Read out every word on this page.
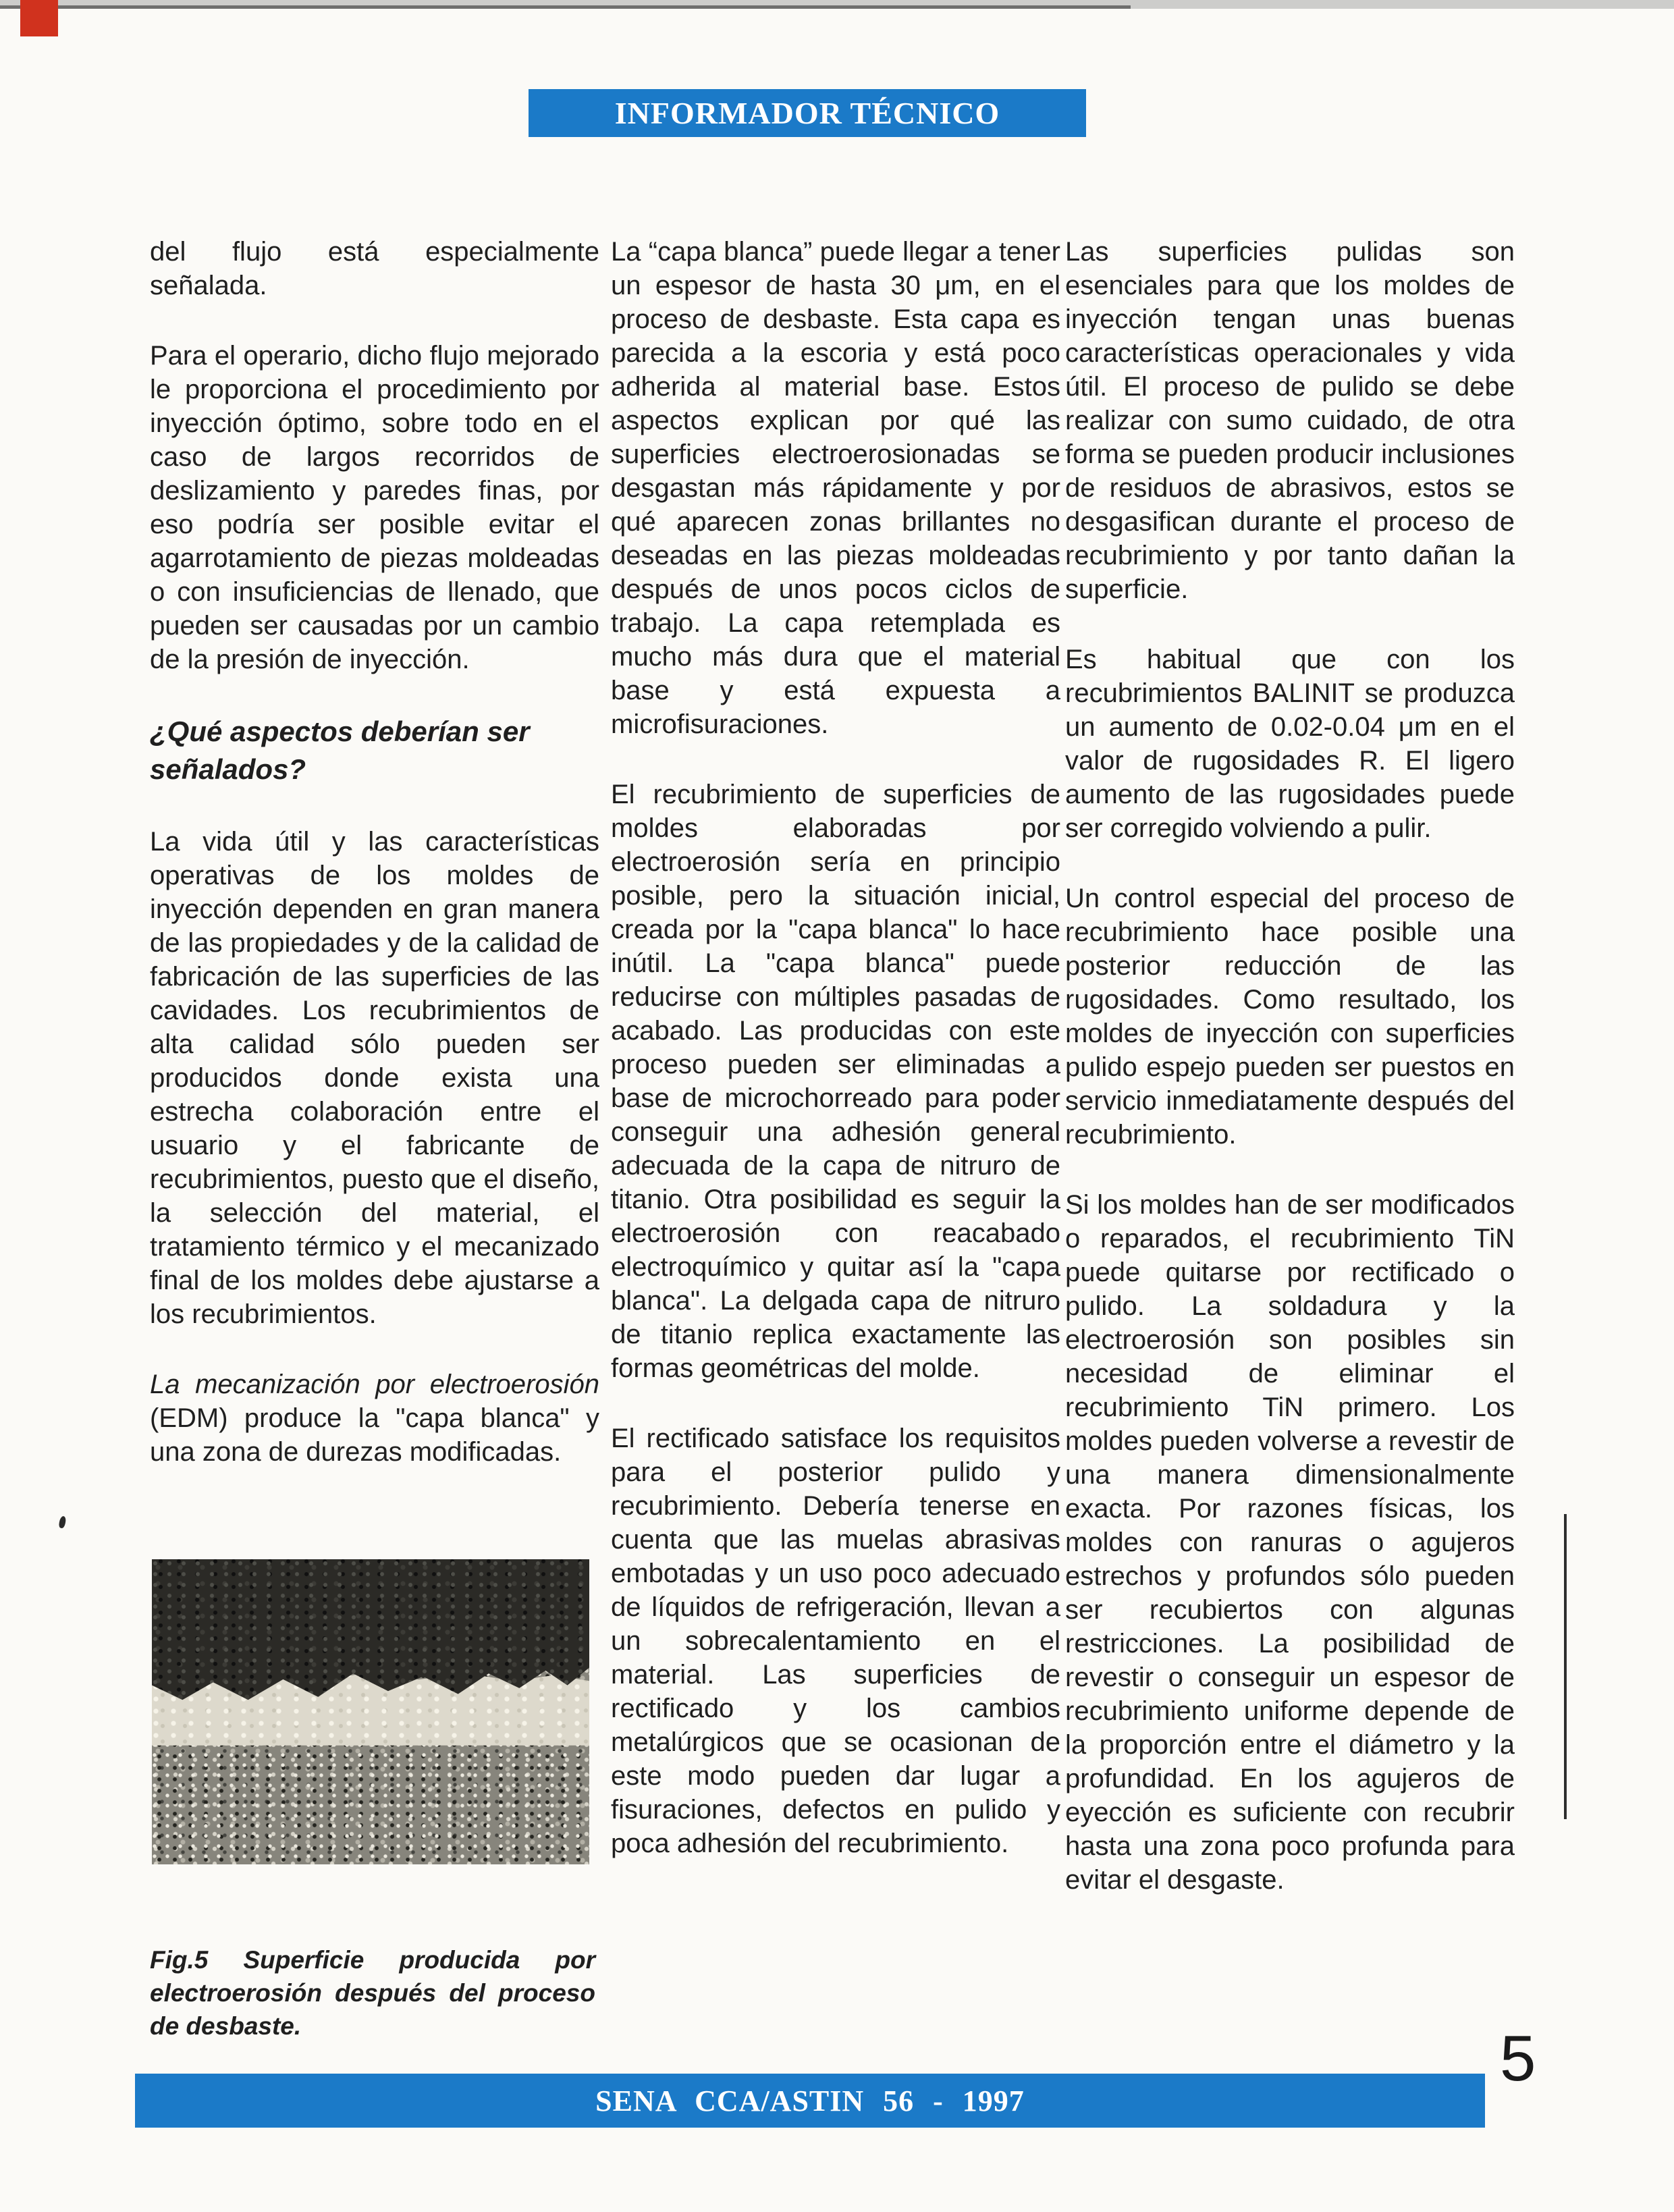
INFORMADOR TÉCNICO

del flujo está especialmente señalada.

Para el operario, dicho flujo mejorado le proporciona el procedimiento por inyección óptimo, sobre todo en el caso de largos recorridos de deslizamiento y paredes finas, por eso podría ser posible evitar el agarrotamiento de piezas moldeadas o con insuficiencias de llenado, que pueden ser causadas por un cambio de la presión de inyección.

¿Qué aspectos deberían ser señalados?

La vida útil y las características operativas de los moldes de inyección dependen en gran manera de las propiedades y de la calidad de fabricación de las superficies de las cavidades. Los recubrimientos de alta calidad sólo pueden ser producidos donde exista una estrecha colaboración entre el usuario y el fabricante de recubrimientos, puesto que el diseño, la selección del material, el tratamiento térmico y el mecanizado final de los moldes debe ajustarse a los recubrimientos.

La mecanización por electroerosión (EDM) produce la "capa blanca" y una zona de durezas modificadas.

La “capa blanca” puede llegar a tener un espesor de hasta 30 μm, en el proceso de desbaste. Esta capa es parecida a la escoria y está poco adherida al material base. Estos aspectos explican por qué las superficies electroerosionadas se desgastan más rápidamente y por qué aparecen zonas brillantes no deseadas en las piezas moldeadas después de unos pocos ciclos de trabajo. La capa retemplada es mucho más dura que el material base y está expuesta a microfisuraciones.

El recubrimiento de superficies de moldes elaboradas por electroerosión sería en principio posible, pero la situación inicial, creada por la "capa blanca" lo hace inútil. La "capa blanca" puede reducirse con múltiples pasadas de acabado. Las producidas con este proceso pueden ser eliminadas a base de microchorreado para poder conseguir una adhesión general adecuada de la capa de nitruro de titanio. Otra posibilidad es seguir la electroerosión con reacabado electroquímico y quitar así la "capa blanca". La delgada capa de nitruro de titanio replica exactamente las formas geométricas del molde.

El rectificado satisface los requisitos para el posterior pulido y recubrimiento. Debería tenerse en cuenta que las muelas abrasivas embotadas y un uso poco adecuado de líquidos de refrigeración, llevan a un sobrecalentamiento en el material. Las superficies de rectificado y los cambios metalúrgicos que se ocasionan de este modo pueden dar lugar a fisuraciones, defectos en pulido y poca adhesión del recubrimiento.

Las superficies pulidas son esenciales para que los moldes de inyección tengan unas buenas características operacionales y vida útil. El proceso de pulido se debe realizar con sumo cuidado, de otra forma se pueden producir inclusiones de residuos de abrasivos, estos se desgasifican durante el proceso de recubrimiento y por tanto dañan la superficie.

Es habitual que con los recubrimientos BALINIT se produzca un aumento de 0.02-0.04 μm en el valor de rugosidades R. El ligero aumento de las rugosidades puede ser corregido volviendo a pulir.

Un control especial del proceso de recubrimiento hace posible una posterior reducción de las rugosidades. Como resultado, los moldes de inyección con superficies pulido espejo pueden ser puestos en servicio inmediatamente después del recubrimiento.

Si los moldes han de ser modificados o reparados, el recubrimiento TiN puede quitarse por rectificado o pulido. La soldadura y la electroerosión son posibles sin necesidad de eliminar el recubrimiento TiN primero. Los moldes pueden volverse a revestir de una manera dimensionalmente exacta. Por razones físicas, los moldes con ranuras o agujeros estrechos y profundos sólo pueden ser recubiertos con algunas restricciones. La posibilidad de revestir o conseguir un espesor de recubrimiento uniforme depende de la proporción entre el diámetro y la profundidad. En los agujeros de eyección es suficiente con recubrir hasta una zona poco profunda para evitar el desgaste.

Fig.5 Superficie producida por electroerosión después del proceso de desbaste.

SENA CCA/ASTIN 56 - 1997
5
